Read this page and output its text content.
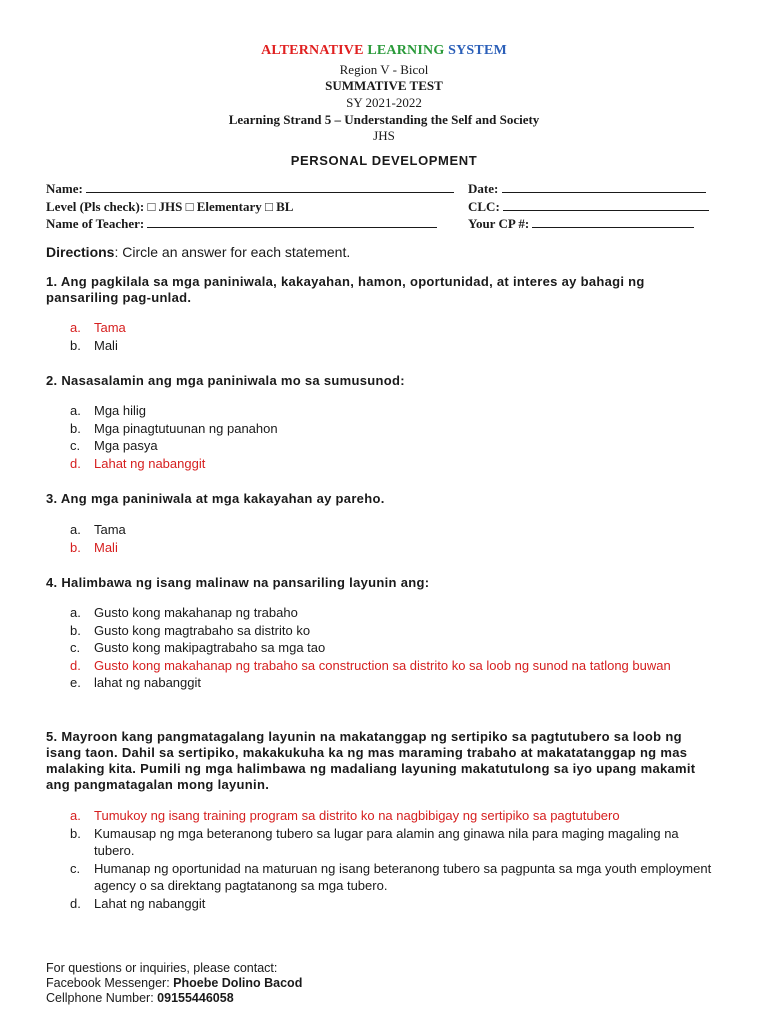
ALTERNATIVE LEARNING SYSTEM
Region V - Bicol
SUMMATIVE TEST
SY 2021-2022
Learning Strand 5 – Understanding the Self and Society
JHS
PERSONAL DEVELOPMENT
Name:	Date:
Level (Pls check): □ JHS □ Elementary □ BL	CLC:
Name of Teacher:	Your CP #:
Directions: Circle an answer for each statement.
1. Ang pagkilala sa mga paniniwala, kakayahan, hamon, oportunidad, at interes ay bahagi ng pansariling pag-unlad.
a. Tama
b. Mali
2. Nasasalamin ang mga paniniwala mo sa sumusunod:
a. Mga hilig
b. Mga pinagtutuunan ng panahon
c. Mga pasya
d. Lahat ng nabanggit
3. Ang mga paniniwala at mga kakayahan ay pareho.
a. Tama
b. Mali
4. Halimbawa ng isang malinaw na pansariling layunin ang:
a. Gusto kong makahanap ng trabaho
b. Gusto kong magtrabaho sa distrito ko
c. Gusto kong makipagtrabaho sa mga tao
d. Gusto kong makahanap ng trabaho sa construction sa distrito ko sa loob ng sunod na tatlong buwan
e. lahat ng nabanggit
5. Mayroon kang pangmatagalang layunin na makatanggap ng sertipiko sa pagtutubero sa loob ng isang taon. Dahil sa sertipiko, makakukuha ka ng mas maraming trabaho at makatatanggap ng mas malaking kita. Pumili ng mga halimbawa ng madaliang layuning makatutulong sa iyo upang makamit ang pangmatagalan mong layunin.
a. Tumukoy ng isang training program sa distrito ko na nagbibigay ng sertipiko sa pagtutubero
b. Kumausap ng mga beteranong tubero sa lugar para alamin ang ginawa nila para maging magaling na tubero.
c. Humanap ng oportunidad na maturuan ng isang beteranong tubero sa pagpunta sa mga youth employment agency o sa direktang pagtatanong sa mga tubero.
d. Lahat ng nabanggit
For questions or inquiries, please contact:
Facebook Messenger: Phoebe Dolino Bacod
Cellphone Number: 09155446058
